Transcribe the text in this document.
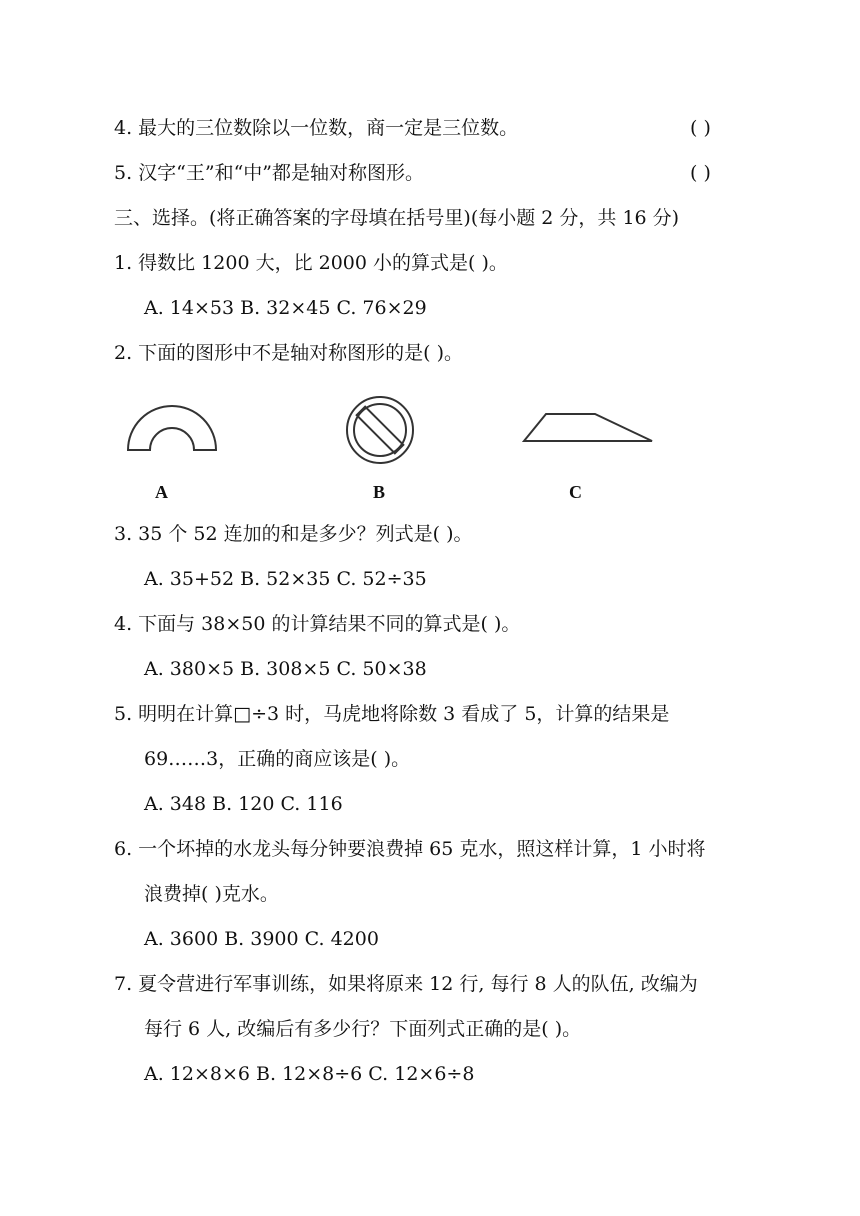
4. 最大的三位数除以一位数，商一定是三位数。	( )
5. 汉字“王”和“中”都是轴对称图形。	( )
三、选择。(将正确答案的字母填在括号里)(每小题 2 分，共 16 分)
1. 得数比 1200 大，比 2000 小的算式是( )。
A. 14×53 B. 32×45 C. 76×29
2. 下面的图形中不是轴对称图形的是( )。
A	B	C
3. 35 个 52 连加的和是多少？列式是( )。
A. 35+52 B. 52×35 C. 52÷35
4. 下面与 38×50 的计算结果不同的算式是( )。
A. 380×5 B. 308×5 C. 50×38
5. 明明在计算□÷3 时，马虎地将除数 3 看成了 5，计算的结果是
69……3，正确的商应该是( )。
A. 348 B. 120 C. 116
6. 一个坏掉的水龙头每分钟要浪费掉 65 克水，照这样计算，1 小时将
浪费掉( )克水。
A. 3600 B. 3900 C. 4200
7. 夏令营进行军事训练，如果将原来 12 行, 每行 8 人的队伍, 改编为
每行 6 人, 改编后有多少行？下面列式正确的是( )。
A. 12×8×6 B. 12×8÷6 C. 12×6÷8
